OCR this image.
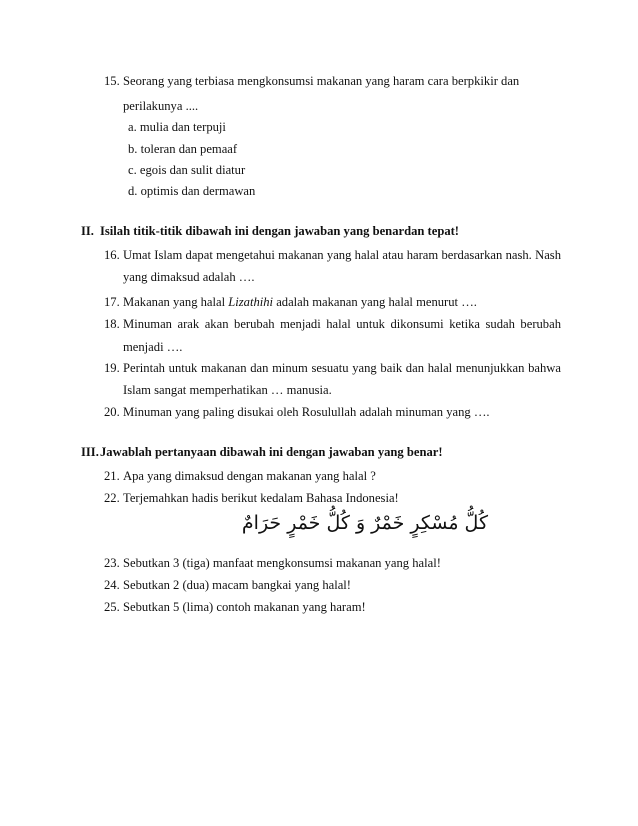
15. Seorang yang terbiasa mengkonsumsi makanan yang haram cara berpkikir dan
perilakunya ....
a. mulia dan terpuji
b. toleran dan pemaaf
c. egois dan sulit diatur
d. optimis dan dermawan
II. Isilah titik-titik dibawah ini dengan jawaban yang benardan tepat!
16. Umat Islam dapat mengetahui makanan yang halal atau haram berdasarkan nash. Nash
yang dimaksud adalah ….
17. Makanan yang halal Lizathihi adalah makanan yang halal menurut ….
18. Minuman arak akan berubah menjadi halal untuk dikonsumi ketika sudah berubah
menjadi ….
19. Perintah untuk makanan dan minum sesuatu yang baik dan halal menunjukkan bahwa
Islam sangat memperhatikan … manusia.
20. Minuman yang paling disukai oleh Rosulullah adalah minuman yang ….
III. Jawablah pertanyaan dibawah ini dengan jawaban yang benar!
21. Apa yang dimaksud dengan makanan yang halal ?
22. Terjemahkan hadis berikut kedalam Bahasa Indonesia!
كُلُّ مُسْكِرٍ خَمْرٌ وَ كُلُّ خَمْرٍ حَرَامٌ
23. Sebutkan 3 (tiga) manfaat mengkonsumsi makanan yang halal!
24. Sebutkan 2 (dua) macam bangkai yang halal!
25. Sebutkan 5 (lima) contoh makanan yang haram!
